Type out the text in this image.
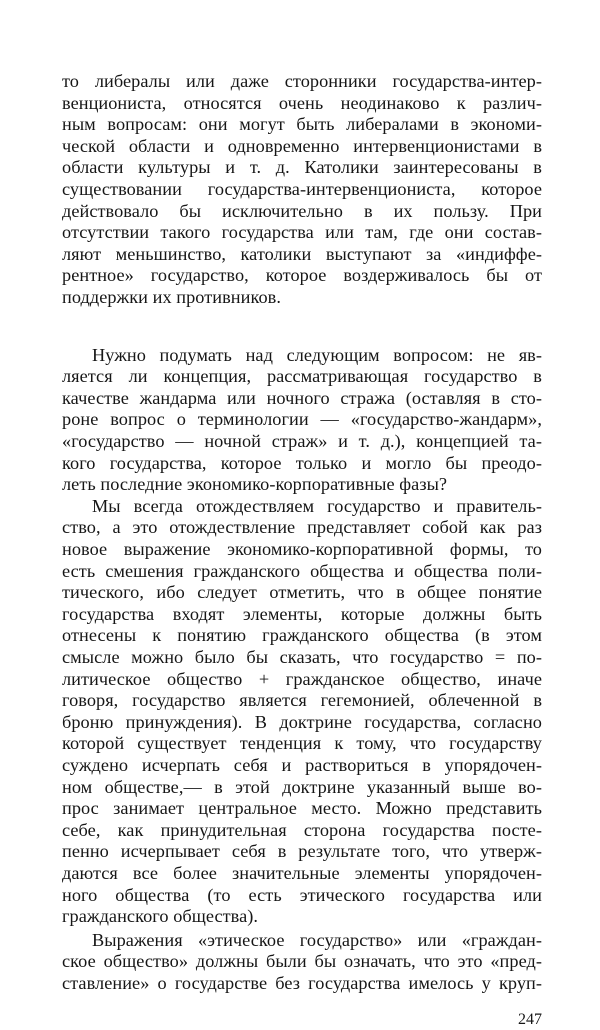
то либералы или даже сторонники государства-интер-
венциониста, относятся очень неодинаково к различ-
ным вопросам: они могут быть либералами в экономи-
ческой области и одновременно интервенционистами в
области культуры и т. д. Католики заинтересованы в
существовании государства-интервенциониста, которое
действовало бы исключительно в их пользу. При
отсутствии такого государства или там, где они состав-
ляют меньшинство, католики выступают за «индиффе-
рентное» государство, которое воздерживалось бы от
поддержки их противников.
Нужно подумать над следующим вопросом: не яв-
ляется ли концепция, рассматривающая государство в
качестве жандарма или ночного стража (оставляя в сто-
роне вопрос о терминологии — «государство-жандарм»,
«государство — ночной страж» и т. д.), концепцией та-
кого государства, которое только и могло бы преодо-
леть последние экономико-корпоративные фазы?
Мы всегда отождествляем государство и правитель-
ство, а это отождествление представляет собой как раз
новое выражение экономико-корпоративной формы, то
есть смешения гражданского общества и общества поли-
тического, ибо следует отметить, что в общее понятие
государства входят элементы, которые должны быть
отнесены к понятию гражданского общества (в этом
смысле можно было бы сказать, что государство = по-
литическое общество + гражданское общество, иначе
говоря, государство является гегемонией, облеченной в
броню принуждения). В доктрине государства, согласно
которой существует тенденция к тому, что государству
суждено исчерпать себя и раствориться в упорядочен-
ном обществе,— в этой доктрине указанный выше во-
прос занимает центральное место. Можно представить
себе, как принудительная сторона государства посте-
пенно исчерпывает себя в результате того, что утверж-
даются все более значительные элементы упорядочен-
ного общества (то есть этического государства или
гражданского общества).
Выражения «этическое государство» или «граждан-
ское общество» должны были бы означать, что это «пред-
ставление» о государстве без государства имелось у круп-
247
